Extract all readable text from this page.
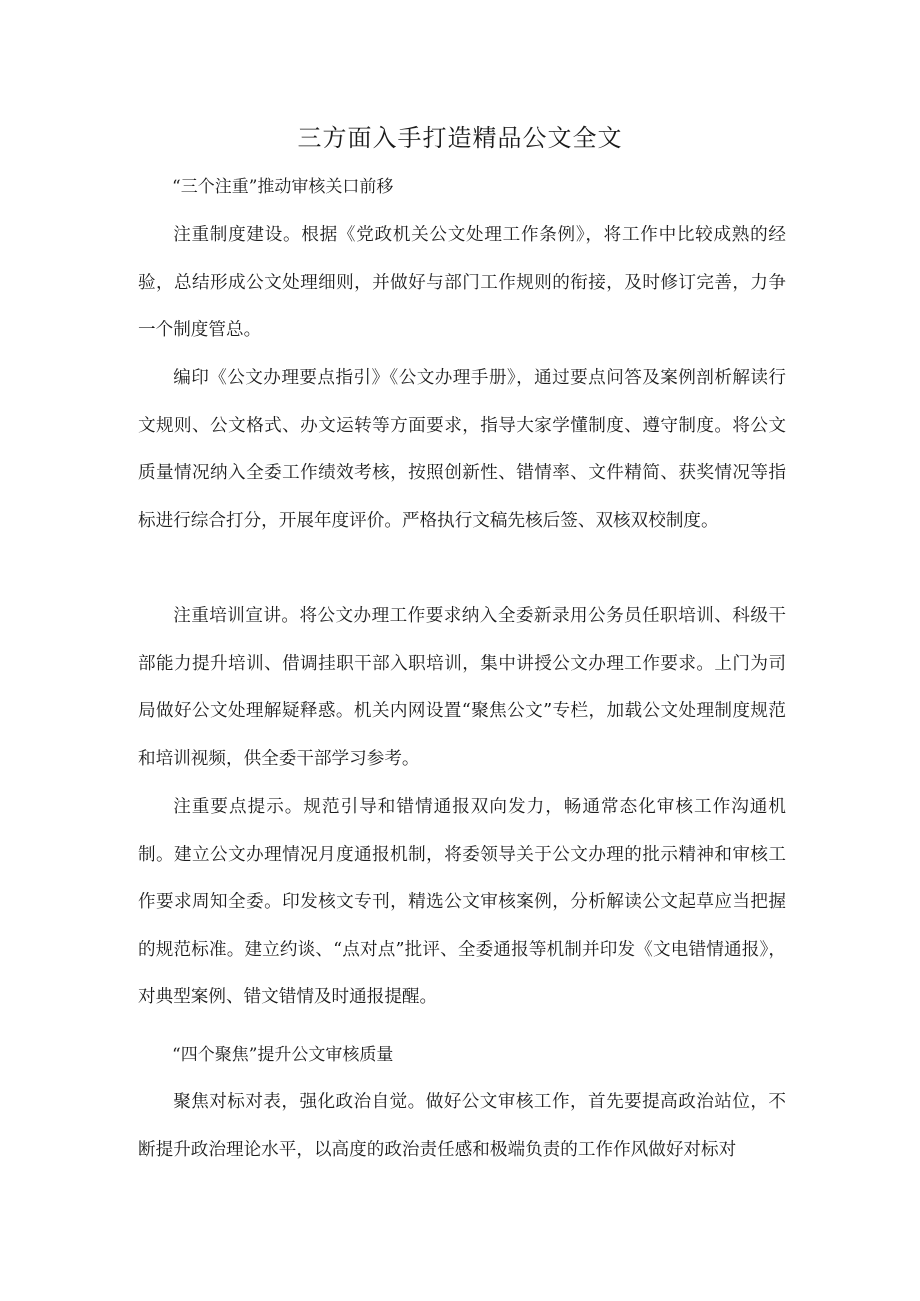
三方面入手打造精品公文全文
“三个注重”推动审核关口前移

注重制度建设。根据《党政机关公文处理工作条例》，将工作中比较成熟的经验，总结形成公文处理细则，并做好与部门工作规则的衔接，及时修订完善，力争一个制度管总。

编印《公文办理要点指引》《公文办理手册》，通过要点问答及案例剖析解读行文规则、公文格式、办文运转等方面要求，指导大家学懂制度、遵守制度。将公文质量情况纳入全委工作绩效考核，按照创新性、错情率、文件精简、获奖情况等指标进行综合打分，开展年度评价。严格执行文稿先核后签、双核双校制度。

注重培训宣讲。将公文办理工作要求纳入全委新录用公务员任职培训、科级干部能力提升培训、借调挂职干部入职培训，集中讲授公文办理工作要求。上门为司局做好公文处理解疑释惑。机关内网设置“聚焦公文”专栏，加载公文处理制度规范和培训视频，供全委干部学习参考。

注重要点提示。规范引导和错情通报双向发力，畅通常态化审核工作沟通机制。建立公文办理情况月度通报机制，将委领导关于公文办理的批示精神和审核工作要求周知全委。印发核文专刊，精选公文审核案例，分析解读公文起草应当把握的规范标准。建立约谈、“点对点”批评、全委通报等机制并印发《文电错情通报》，对典型案例、错文错情及时通报提醒。

“四个聚焦”提升公文审核质量

聚焦对标对表，强化政治自觉。做好公文审核工作，首先要提高政治站位，不断提升政治理论水平，以高度的政治责任感和极端负责的工作作风做好对标对
